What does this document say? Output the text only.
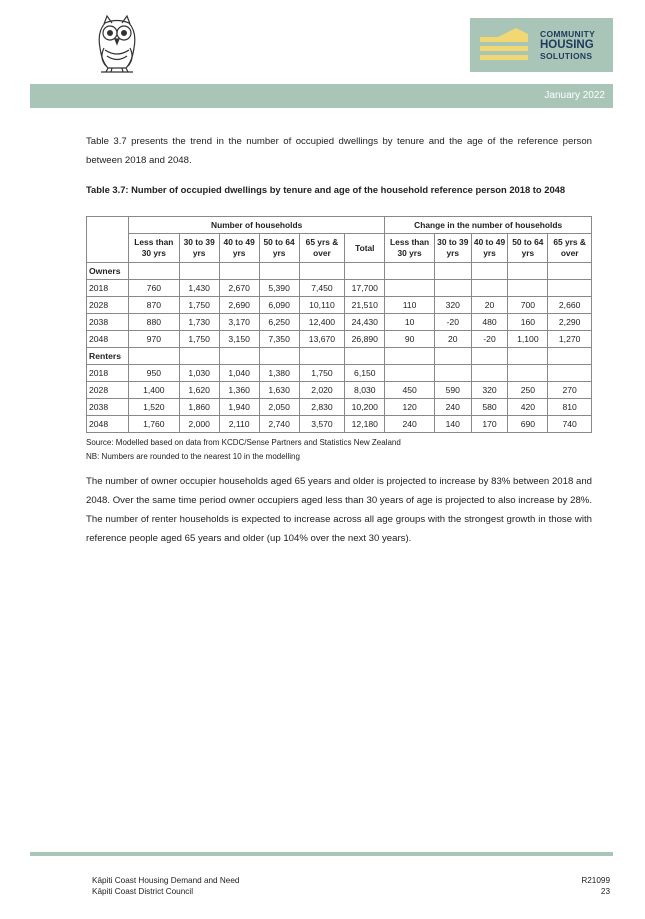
COMMUNITY
HOUSING
SOLUTIONS
January 2022
Table 3.7 presents the trend in the number of occupied dwellings by tenure and the age of the reference person between 2018 and 2048.
Table 3.7: Number of occupied dwellings by tenure and age of the household reference person 2018 to 2048
	Number of households						Change in the number of households				
	Less than 30 yrs	30 to 39 yrs	40 to 49 yrs	50 to 64 yrs	65 yrs & over	Total	Less than 30 yrs	30 to 39 yrs	40 to 49 yrs	50 to 64 yrs	65 yrs & over
Owners											
2018	760	1,430	2,670	5,390	7,450	17,700					
2028	870	1,750	2,690	6,090	10,110	21,510	110	320	20	700	2,660
2038	880	1,730	3,170	6,250	12,400	24,430	10	-20	480	160	2,290
2048	970	1,750	3,150	7,350	13,670	26,890	90	20	-20	1,100	1,270
Renters											
2018	950	1,030	1,040	1,380	1,750	6,150					
2028	1,400	1,620	1,360	1,630	2,020	8,030	450	590	320	250	270
2038	1,520	1,860	1,940	2,050	2,830	10,200	120	240	580	420	810
2048	1,760	2,000	2,110	2,740	3,570	12,180	240	140	170	690	740
Source: Modelled based on data from KCDC/Sense Partners and Statistics New Zealand
NB: Numbers are rounded to the nearest 10 in the modelling
The number of owner occupier households aged 65 years and older is projected to increase by 83% between 2018 and 2048. Over the same time period owner occupiers aged less than 30 years of age is projected to also increase by 28%. The number of renter households is expected to increase across all age groups with the strongest growth in those with reference people aged 65 years and older (up 104% over the next 30 years).
Kāpiti Coast Housing Demand and Need
Kāpiti Coast District Council
R21099
23
